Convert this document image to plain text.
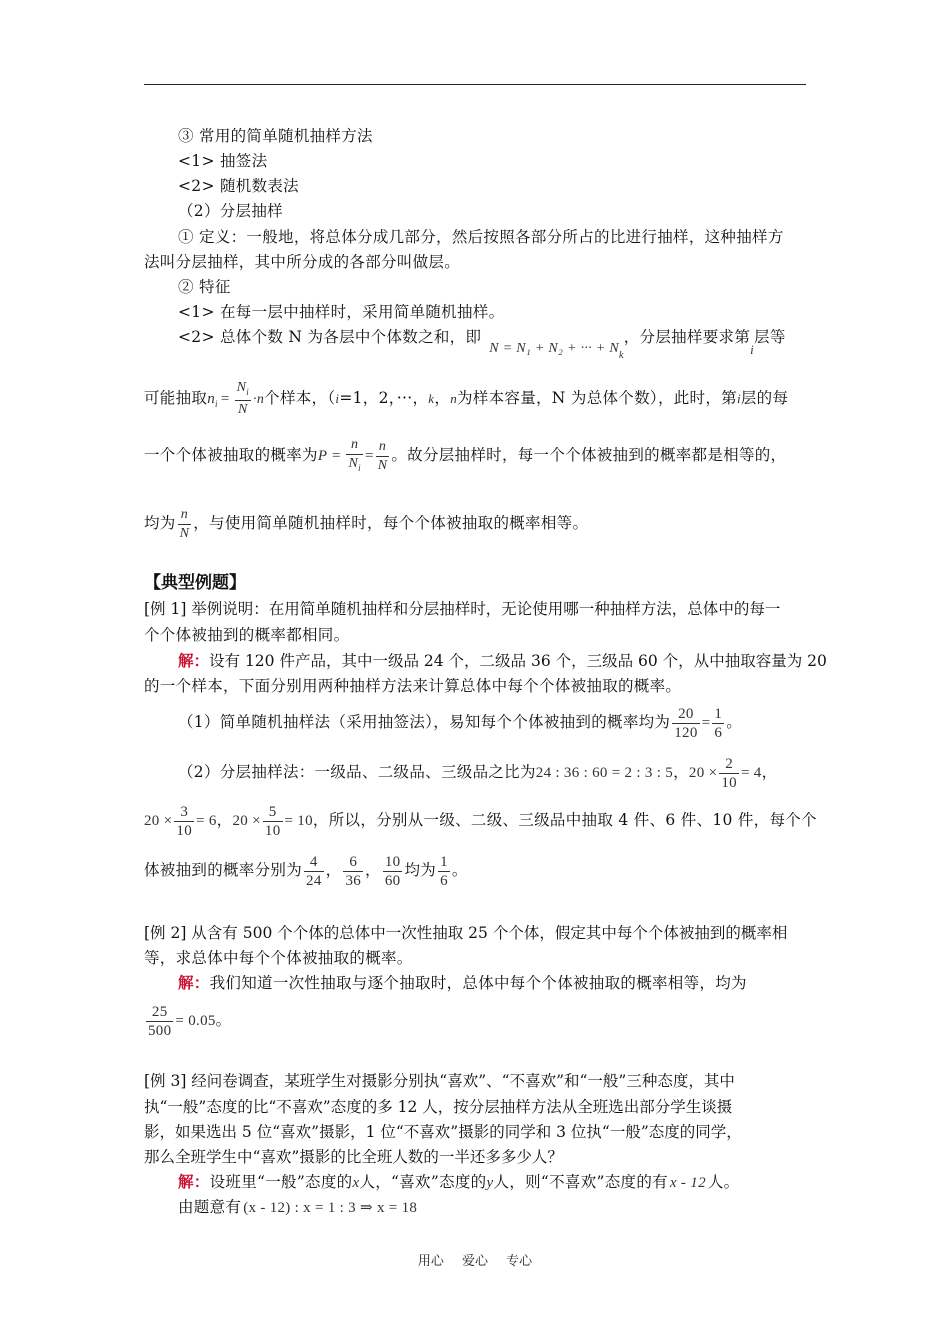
③ 常用的简单随机抽样方法
<1> 抽签法
<2> 随机数表法
（2）分层抽样
① 定义：一般地，将总体分成几部分，然后按照各部分所占的比进行抽样，这种抽样方
法叫分层抽样，其中所分成的各部分叫做层。
② 特征
<1> 在每一层中抽样时，采用简单随机抽样。
<2> 总体个数 N 为各层中个体数之和，即N = N₁ + N₂ + ··· + $N_k$，分层抽样要求第$_i$层等
可能抽取$n_i = \frac{N_i}{N} \cdot n$个样本，（i=1，2，···，k，n为样本容量，N 为总体个数），此时，第i层的每
一个个体被抽取的概率为$P = \frac{n}{N_i} = \frac{n}{N}$ 。故分层抽样时，每一个个体被抽到的概率都是相等的，
均为 $\frac{n}{N}$ ，与使用简单随机抽样时，每个个体被抽取的概率相等。
【典型例题】
[例 1] 举例说明：在用简单随机抽样和分层抽样时，无论使用哪一种抽样方法，总体中的每一
个个体被抽到的概率都相同。
解：设有 120 件产品，其中一级品 24 个，二级品 36 个，三级品 60 个，从中抽取容量为 20
的一个样本，下面分别用两种抽样方法来计算总体中每个个体被抽取的概率。
（1）简单随机抽样法（采用抽签法），易知每个个体被抽到的概率均为 $\frac{20}{120} = \frac{1}{6}$ 。
（2）分层抽样法：一级品、二级品、三级品之比为24 : 36 : 60 = 2 : 3 : 5，$20 \times \frac{2}{10} = 4$，
$20 \times \frac{3}{10} = 6$，$20 \times \frac{5}{10} = 10$，所以，分别从一级、二级、三级品中抽取 4 件、6 件、10 件，每个个
体被抽到的概率分别为 $\frac{4}{24}$ ， $\frac{6}{36}$ ， $\frac{10}{60}$ 均为 $\frac{1}{6}$ 。
[例 2] 从含有 500 个个体的总体中一次性抽取 25 个个体，假定其中每个个体被抽到的概率相
等，求总体中每个个体被抽取的概率。
解：我们知道一次性抽取与逐个抽取时，总体中每个个体被抽取的概率相等，均为
$\frac{25}{500} = 0.05$。
[例 3] 经问卷调查，某班学生对摄影分别执“喜欢”、“不喜欢”和“一般”三种态度，其中
执“一般”态度的比“不喜欢”态度的多 12 人，按分层抽样方法从全班选出部分学生谈摄
影，如果选出 5 位“喜欢”摄影，1 位“不喜欢”摄影的同学和 3 位执“一般”态度的同学，
那么全班学生中“喜欢”摄影的比全班人数的一半还多多少人？
解：设班里“一般”态度的x人，“喜欢”态度的y人，则“不喜欢”态度的有 x - 12 人。
由题意有 (x - 12) : x = 1 : 3 ⇒ x = 18
用心 爱心 专心
